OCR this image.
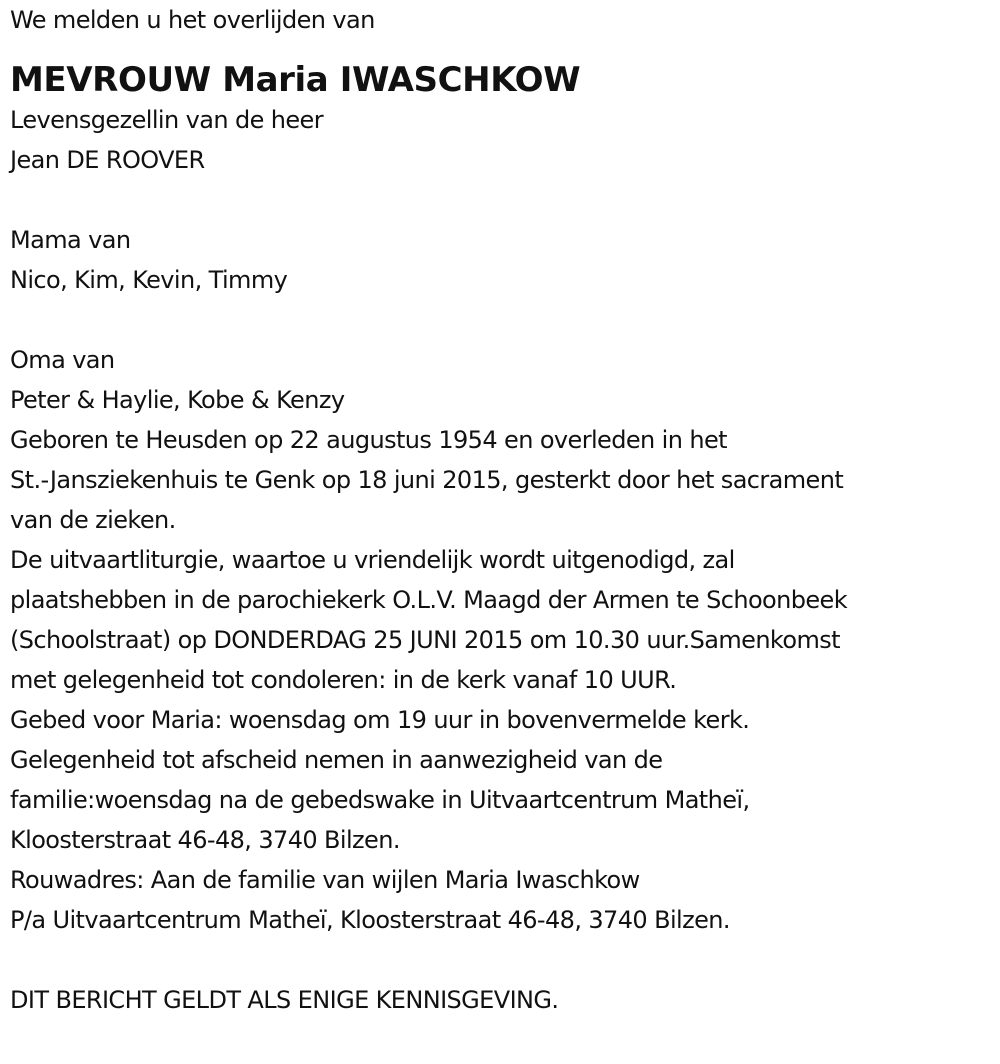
We melden u het overlijden van
MEVROUW Maria IWASCHKOW
Levensgezellin van de heer
Jean DE ROOVER
Mama van
Nico, Kim, Kevin, Timmy
Oma van
Peter & Haylie, Kobe & Kenzy
Geboren te Heusden op 22 augustus 1954 en overleden in het
St.-Jansziekenhuis te Genk op 18 juni 2015, gesterkt door het sacrament
van de zieken.
De uitvaartliturgie, waartoe u vriendelijk wordt uitgenodigd, zal
plaatshebben in de parochiekerk O.L.V. Maagd der Armen te Schoonbeek
(Schoolstraat) op DONDERDAG 25 JUNI 2015 om 10.30 uur.Samenkomst
met gelegenheid tot condoleren: in de kerk vanaf 10 UUR.
Gebed voor Maria: woensdag om 19 uur in bovenvermelde kerk.
Gelegenheid tot afscheid nemen in aanwezigheid van de
familie:woensdag na de gebedswake in Uitvaartcentrum Matheï,
Kloosterstraat 46-48, 3740 Bilzen.
Rouwadres: Aan de familie van wijlen Maria Iwaschkow
P/a Uitvaartcentrum Matheï, Kloosterstraat 46-48, 3740 Bilzen.
DIT BERICHT GELDT ALS ENIGE KENNISGEVING.
